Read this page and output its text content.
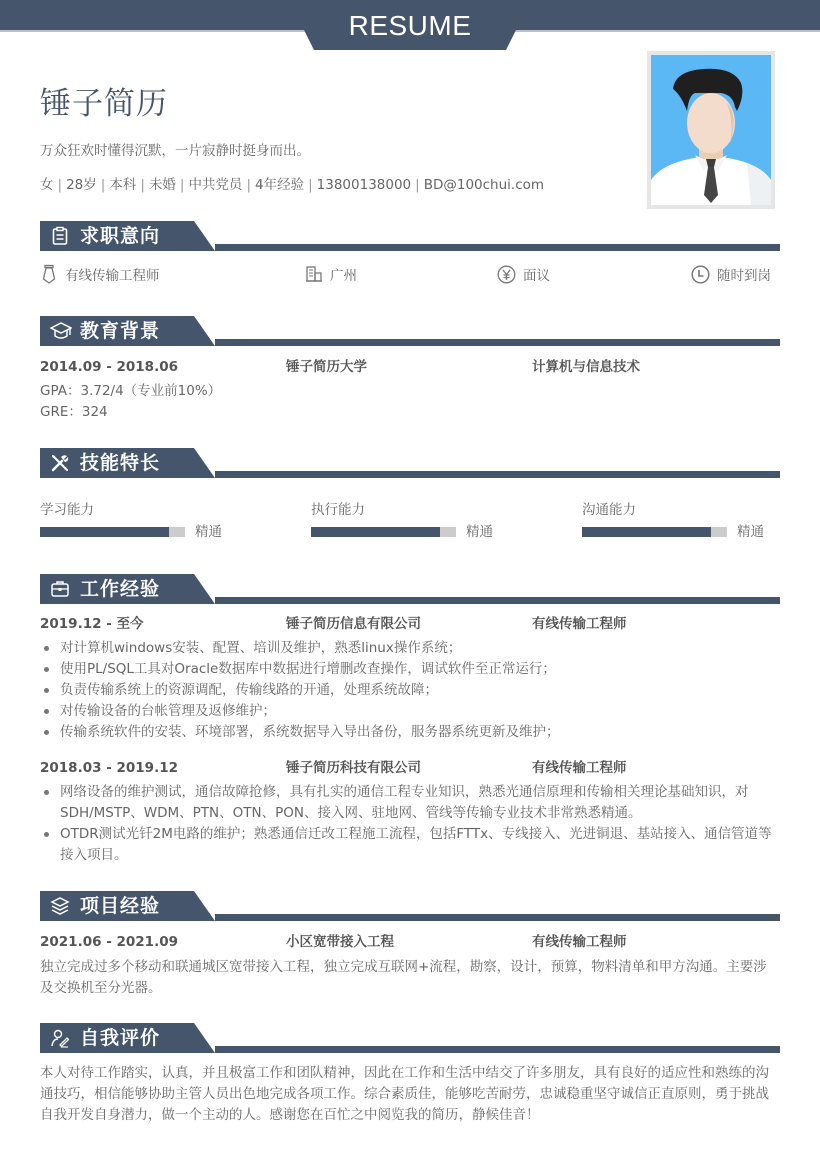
RESUME
锤子简历
万众狂欢时懂得沉默，一片寂静时挺身而出。
女 | 28岁 | 本科 | 未婚 | 中共党员 | 4年经验 | 13800138000 | BD@100chui.com
求职意向
有线传输工程师	广州	面议	随时到岗
教育背景
2014.09 - 2018.06	锤子简历大学	计算机与信息技术
GPA：3.72/4（专业前10%）
GRE：324
技能特长
学习能力
精通
执行能力
精通
沟通能力
精通
工作经验
2019.12 - 至今	锤子简历信息有限公司	有线传输工程师
对计算机windows安装、配置、培训及维护，熟悉linux操作系统；
使用PL/SQL工具对Oracle数据库中数据进行增删改查操作，调试软件至正常运行；
负责传输系统上的资源调配，传输线路的开通，处理系统故障；
对传输设备的台帐管理及返修维护；
传输系统软件的安装、环境部署，系统数据导入导出备份，服务器系统更新及维护；
2018.03 - 2019.12	锤子简历科技有限公司	有线传输工程师
网络设备的维护测试，通信故障抢修，具有扎实的通信工程专业知识，熟悉光通信原理和传输相关理论基础知识，对SDH/MSTP、WDM、PTN、OTN、PON、接入网、驻地网、管线等传输专业技术非常熟悉精通。
OTDR测试光钎2M电路的维护；熟悉通信迁改工程施工流程，包括FTTx、专线接入、光进铜退、基站接入、通信管道等接入项目。
项目经验
2021.06 - 2021.09	小区宽带接入工程	有线传输工程师
独立完成过多个移动和联通城区宽带接入工程，独立完成互联网+流程，勘察，设计，预算，物料清单和甲方沟通。主要涉及交换机至分光器。
自我评价
本人对待工作踏实，认真，并且极富工作和团队精神，因此在工作和生活中结交了许多朋友，具有良好的适应性和熟练的沟通技巧，相信能够协助主管人员出色地完成各项工作。综合素质佳，能够吃苦耐劳，忠诚稳重坚守诚信正直原则，勇于挑战自我开发自身潜力，做一个主动的人。感谢您在百忙之中阅览我的简历，静候佳音！
